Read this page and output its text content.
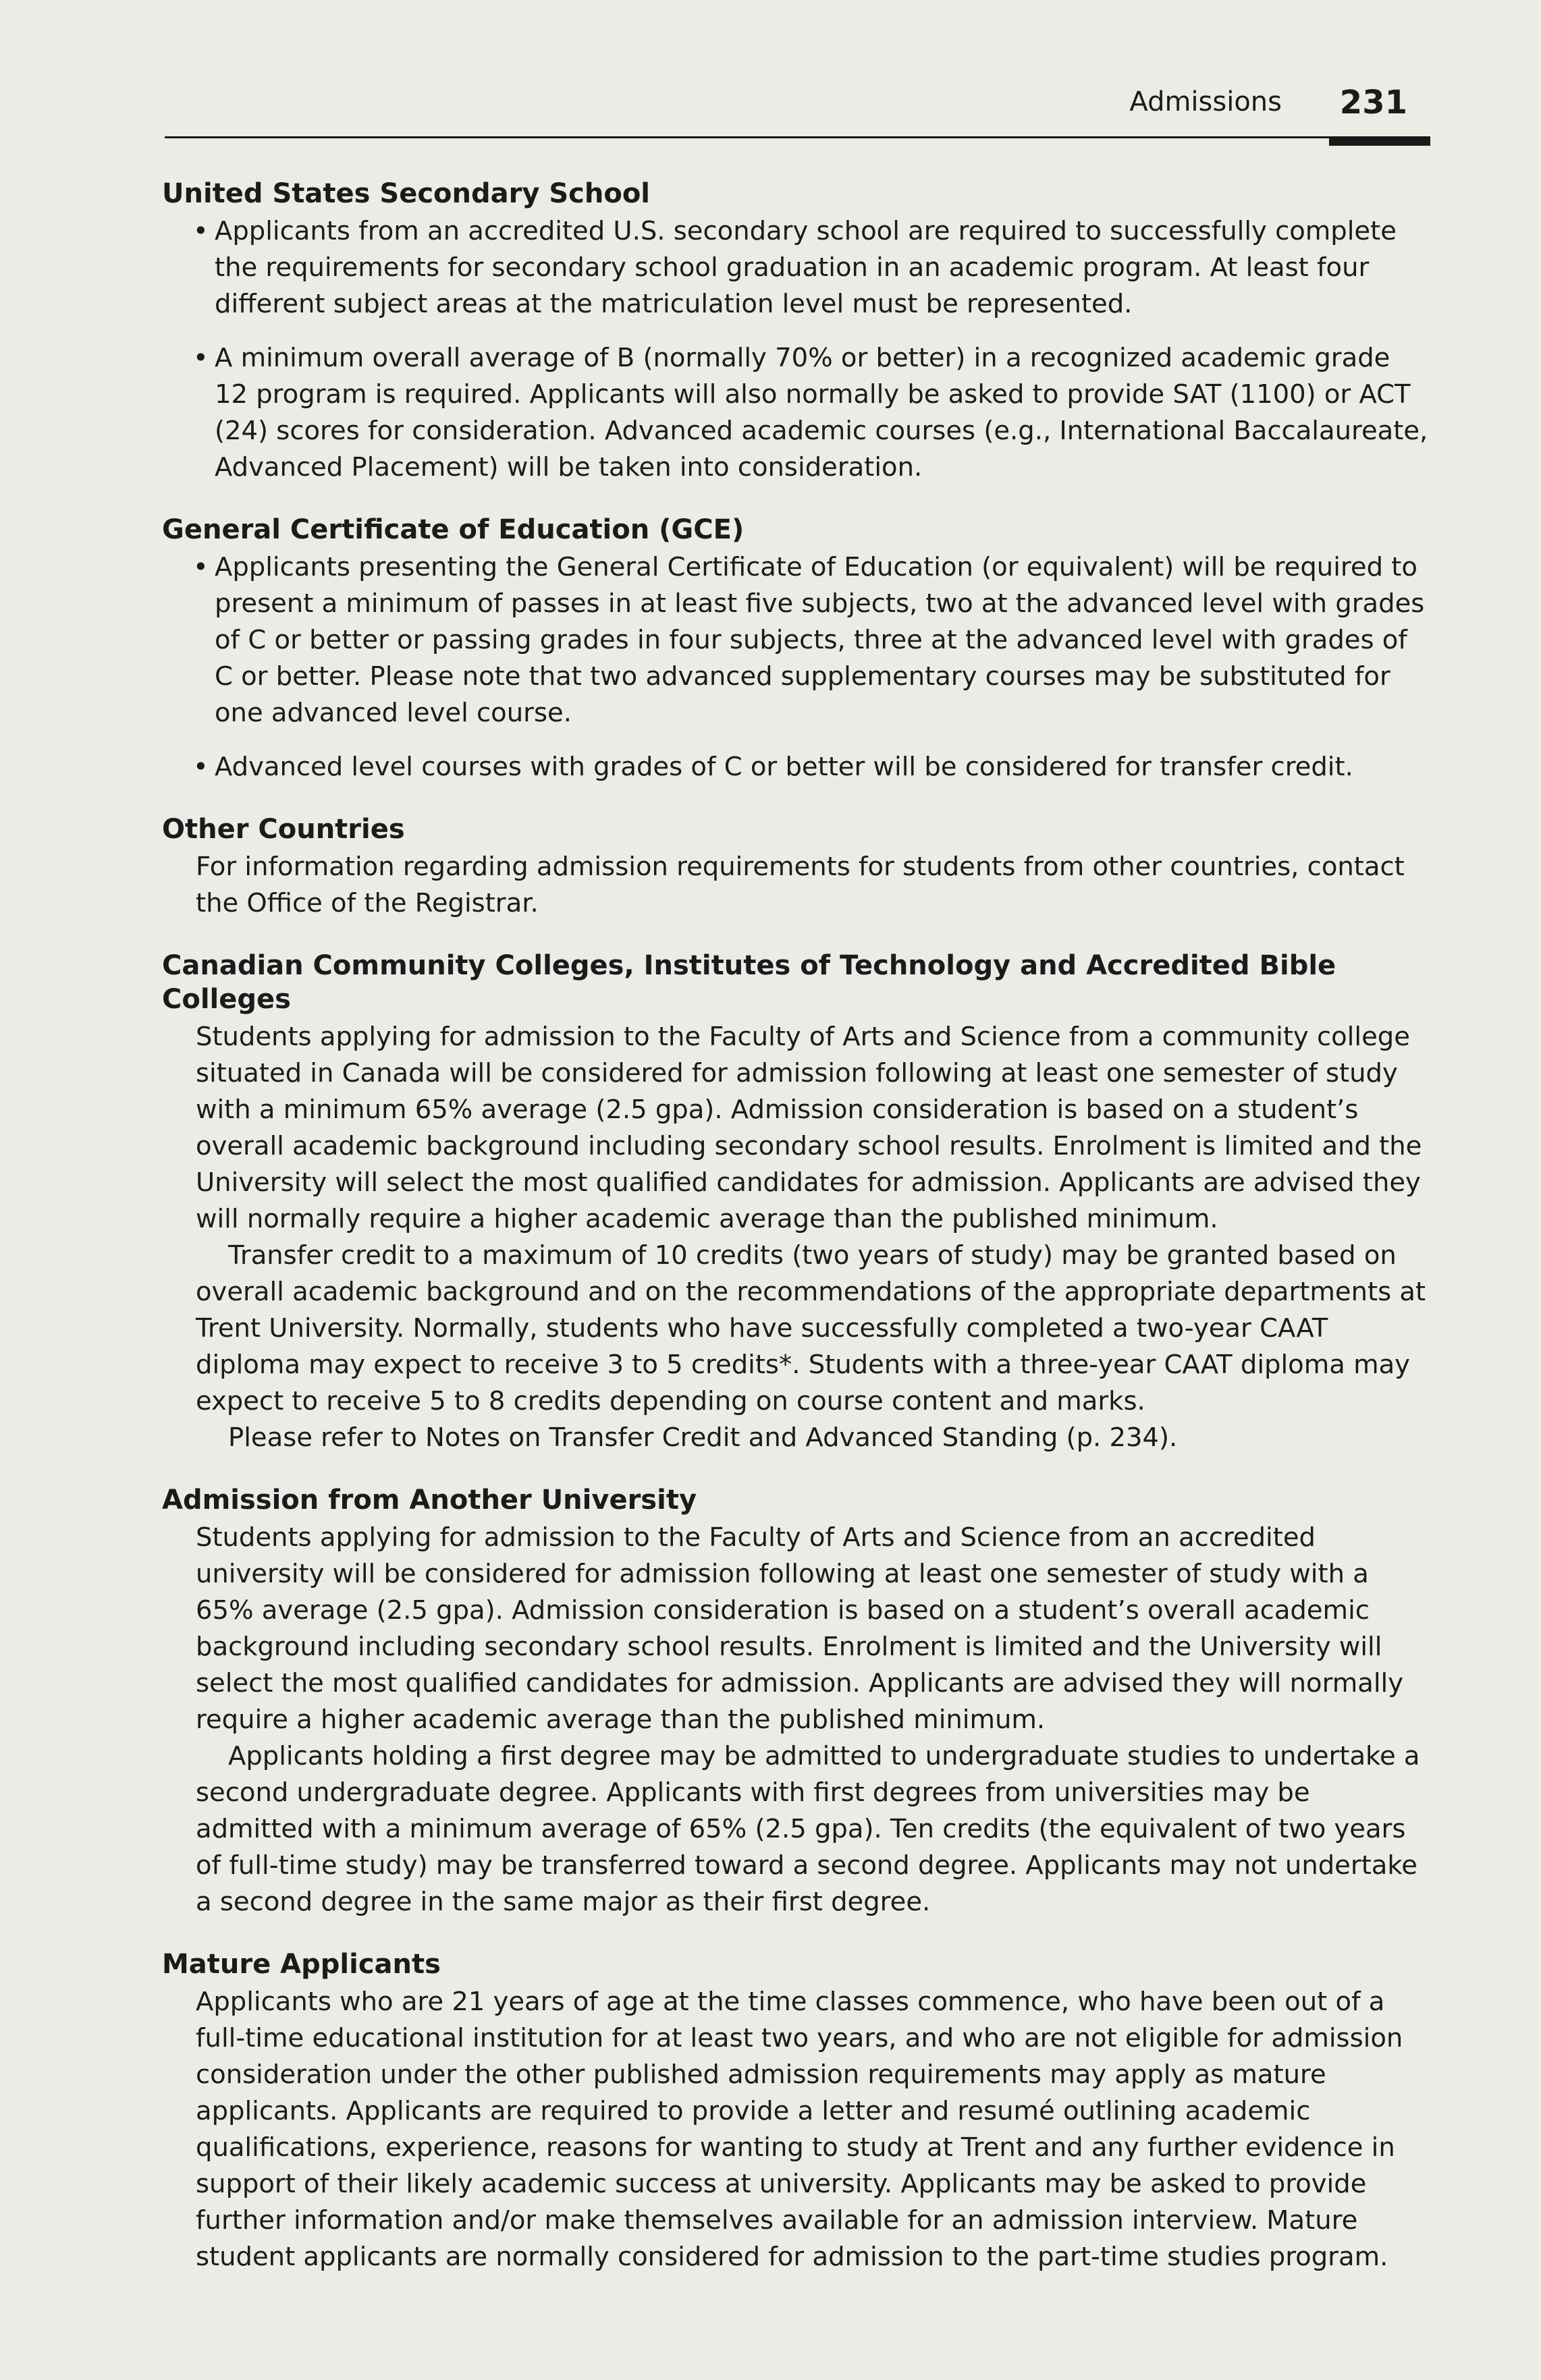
Admissions 231
United States Secondary School
• Applicants from an accredited U.S. secondary school are required to successfully complete the requirements for secondary school graduation in an academic program. At least four different subject areas at the matriculation level must be represented.
• A minimum overall average of B (normally 70% or better) in a recognized academic grade 12 program is required. Applicants will also normally be asked to provide SAT (1100) or ACT (24) scores for consideration. Advanced academic courses (e.g., International Baccalaureate, Advanced Placement) will be taken into consideration.
General Certificate of Education (GCE)
• Applicants presenting the General Certificate of Education (or equivalent) will be required to present a minimum of passes in at least five subjects, two at the advanced level with grades of C or better or passing grades in four subjects, three at the advanced level with grades of C or better. Please note that two advanced supplementary courses may be substituted for one advanced level course.
• Advanced level courses with grades of C or better will be considered for transfer credit.
Other Countries

For information regarding admission requirements for students from other countries, contact the Office of the Registrar.

Canadian Community Colleges, Institutes of Technology and Accredited Bible Colleges

Students applying for admission to the Faculty of Arts and Science from a community college situated in Canada will be considered for admission following at least one semester of study with a minimum 65% average (2.5 gpa). Admission consideration is based on a student’s overall academic background including secondary school results. Enrolment is limited and the University will select the most qualified candidates for admission. Applicants are advised they will normally require a higher academic average than the published minimum.

Transfer credit to a maximum of 10 credits (two years of study) may be granted based on overall academic background and on the recommendations of the appropriate departments at Trent University. Normally, students who have successfully completed a two-year CAAT diploma may expect to receive 3 to 5 credits*. Students with a three-year CAAT diploma may expect to receive 5 to 8 credits depending on course content and marks.

Please refer to Notes on Transfer Credit and Advanced Standing (p. 234).

Admission from Another University

Students applying for admission to the Faculty of Arts and Science from an accredited university will be considered for admission following at least one semester of study with a 65% average (2.5 gpa). Admission consideration is based on a student’s overall academic background including secondary school results. Enrolment is limited and the University will select the most qualified candidates for admission. Applicants are advised they will normally require a higher academic average than the published minimum.

Applicants holding a first degree may be admitted to undergraduate studies to undertake a second undergraduate degree. Applicants with first degrees from universities may be admitted with a minimum average of 65% (2.5 gpa). Ten credits (the equivalent of two years of full-time study) may be transferred toward a second degree. Applicants may not undertake a second degree in the same major as their first degree.

Mature Applicants

Applicants who are 21 years of age at the time classes commence, who have been out of a full-time educational institution for at least two years, and who are not eligible for admission consideration under the other published admission requirements may apply as mature applicants. Applicants are required to provide a letter and resumé outlining academic qualifications, experience, reasons for wanting to study at Trent and any further evidence in support of their likely academic success at university. Applicants may be asked to provide further information and/or make themselves available for an admission interview. Mature student applicants are normally considered for admission to the part-time studies program.
